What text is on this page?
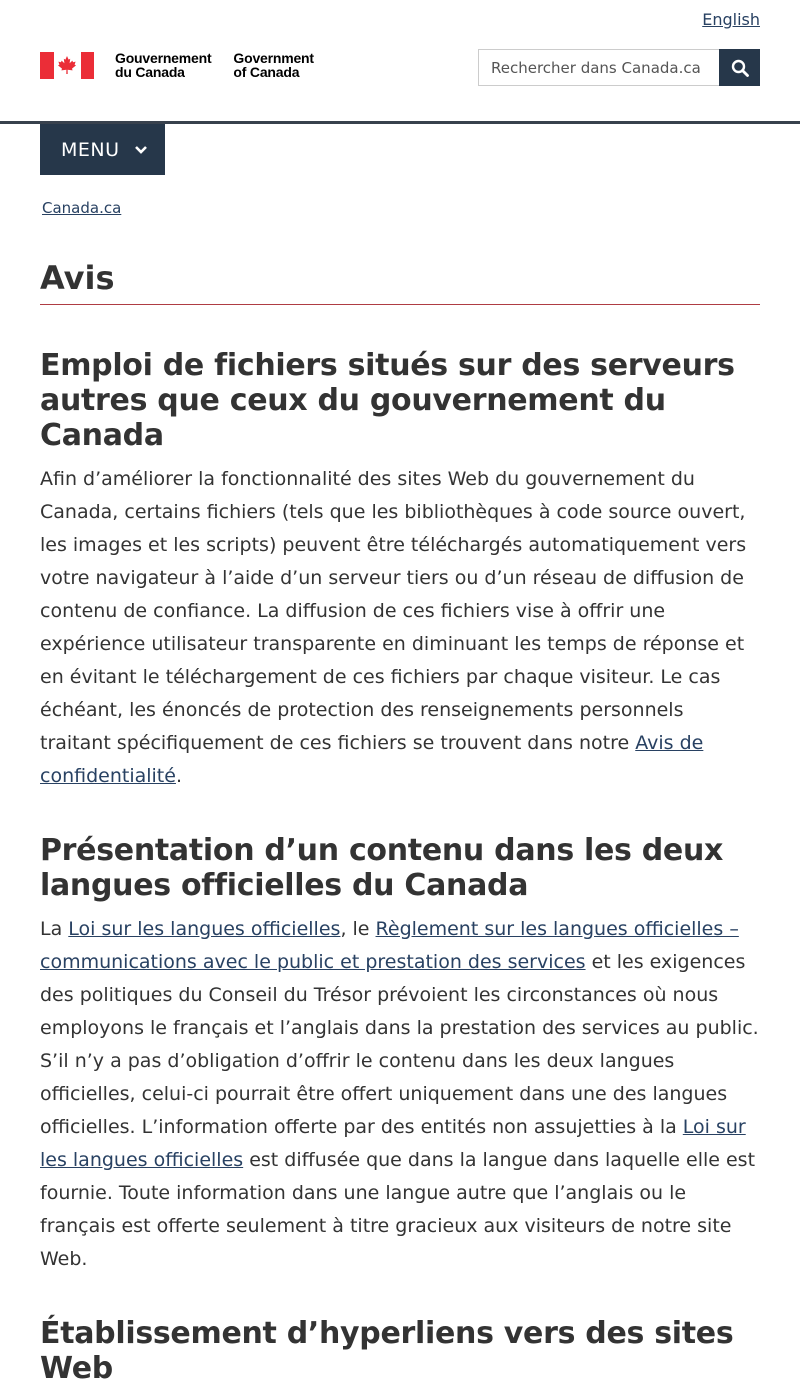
English
Gouvernement
du Canada
Government
of Canada
Rechercher dans Canada.ca
MENU
Canada.ca
Avis
Emploi de fichiers situés sur des serveurs autres que ceux du gouvernement du Canada

Afin d’améliorer la fonctionnalité des sites Web du gouvernement du Canada, certains fichiers (tels que les bibliothèques à code source ouvert, les images et les scripts) peuvent être téléchargés automatiquement vers votre navigateur à l’aide d’un serveur tiers ou d’un réseau de diffusion de contenu de confiance. La diffusion de ces fichiers vise à offrir une expérience utilisateur transparente en diminuant les temps de réponse et en évitant le téléchargement de ces fichiers par chaque visiteur. Le cas échéant, les énoncés de protection des renseignements personnels traitant spécifiquement de ces fichiers se trouvent dans notre Avis de confidentialité.

Présentation d’un contenu dans les deux langues officielles du Canada

La Loi sur les langues officielles, le Règlement sur les langues officielles – communications avec le public et prestation des services et les exigences des politiques du Conseil du Trésor prévoient les circonstances où nous employons le français et l’anglais dans la prestation des services au public. S’il n’y a pas d’obligation d’offrir le contenu dans les deux langues officielles, celui-ci pourrait être offert uniquement dans une des langues officielles. L’information offerte par des entités non assujetties à la Loi sur les langues officielles est diffusée que dans la langue dans laquelle elle est fournie. Toute information dans une langue autre que l’anglais ou le français est offerte seulement à titre gracieux aux visiteurs de notre site Web.

Établissement d’hyperliens vers des sites Web
